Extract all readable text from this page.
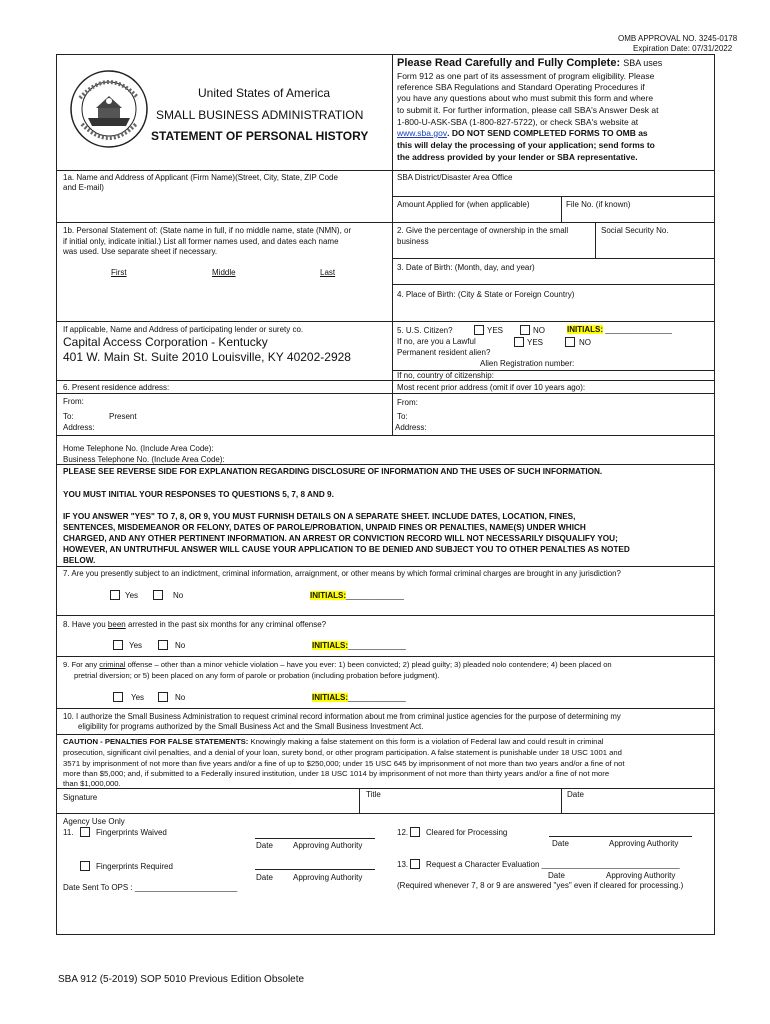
OMB APPROVAL NO. 3245-0178
Expiration Date: 07/31/2022
United States of America
SMALL BUSINESS ADMINISTRATION
STATEMENT OF PERSONAL HISTORY
Please Read Carefully and Fully Complete: SBA uses
Form 912 as one part of its assessment of program eligibility. Please
reference SBA Regulations and Standard Operating Procedures if
you have any questions about who must submit this form and where
to submit it. For further information, please call SBA's Answer Desk at
1-800-U-ASK-SBA (1-800-827-5722), or check SBA's website at
www.sba.gov. DO NOT SEND COMPLETED FORMS TO OMB as
this will delay the processing of your application; send forms to
the address provided by your lender or SBA representative.
1a. Name and Address of Applicant (Firm Name)(Street, City, State, ZIP Code
and E-mail)
SBA District/Disaster Area Office
Amount Applied for (when applicable)	File No. (if known)
1b. Personal Statement of: (State name in full, if no middle name, state (NMN), or
if initial only, indicate initial.) List all former names used, and dates each name
was used. Use separate sheet if necessary.
First	Middle	Last
2. Give the percentage of ownership in the small
business
Social Security No.
3. Date of Birth: (Month, day, and year)
4. Place of Birth: (City & State or Foreign Country)
If applicable, Name and Address of participating lender or surety co.
Capital Access Corporation - Kentucky
401 W. Main St. Suite 2010 Louisville, KY 40202-2928
5. U.S. Citizen?	YES	NO	INITIALS: _______________
If no, are you a Lawful	YES	NO
Permanent resident alien?
Alien Registration number:
If no, country of citizenship:
6. Present residence address:	Most recent prior address (omit if over 10 years ago):
From:
To:	Present
Address:
From:
To:
Address:
Home Telephone No. (Include Area Code):
Business Telephone No. (Include Area Code):
PLEASE SEE REVERSE SIDE FOR EXPLANATION REGARDING DISCLOSURE OF INFORMATION AND THE USES OF SUCH INFORMATION.
YOU MUST INITIAL YOUR RESPONSES TO QUESTIONS 5, 7, 8 AND 9.
IF YOU ANSWER "YES" TO 7, 8, OR 9, YOU MUST FURNISH DETAILS ON A SEPARATE SHEET. INCLUDE DATES, LOCATION, FINES,
SENTENCES, MISDEMEANOR OR FELONY, DATES OF PAROLE/PROBATION, UNPAID FINES OR PENALTIES, NAME(S) UNDER WHICH
CHARGED, AND ANY OTHER PERTINENT INFORMATION. AN ARREST OR CONVICTION RECORD WILL NOT NECESSARILY DISQUALIFY YOU;
HOWEVER, AN UNTRUTHFUL ANSWER WILL CAUSE YOUR APPLICATION TO BE DENIED AND SUBJECT YOU TO OTHER PENALTIES AS NOTED
BELOW.
7. Are you presently subject to an indictment, criminal information, arraignment, or other means by which formal criminal charges are brought in any jurisdiction?
Yes	No	INITIALS:_____________
8. Have you been arrested in the past six months for any criminal offense?
Yes	No	INITIALS:_____________
9. For any criminal offense – other than a minor vehicle violation – have you ever: 1) been convicted; 2) plead guilty; 3) pleaded nolo contendere; 4) been placed on
pretrial diversion; or 5) been placed on any form of parole or probation (including probation before judgment).
Yes	No	INITIALS:_____________
10. I authorize the Small Business Administration to request criminal record information about me from criminal justice agencies for the purpose of determining my
eligibility for programs authorized by the Small Business Act and the Small Business Investment Act.
CAUTION - PENALTIES FOR FALSE STATEMENTS: Knowingly making a false statement on this form is a violation of Federal law and could result in criminal
prosecution, significant civil penalties, and a denial of your loan, surety bond, or other program participation. A false statement is punishable under 18 USC 1001 and
3571 by imprisonment of not more than five years and/or a fine of up to $250,000; under 15 USC 645 by imprisonment of not more than two years and/or a fine of not
more than $5,000; and, if submitted to a Federally insured institution, under 18 USC 1014 by imprisonment of not more than thirty years and/or a fine of not more
than $1,000,000.
Signature	Title	Date
Agency Use Only
11.	Fingerprints Waived
Date	Approving Authority
Fingerprints Required
Date	Approving Authority
Date Sent To OPS : _______________________
12. Cleared for Processing
Date	Approving Authority
13. Request a Character Evaluation _______________________________
Date	Approving Authority
(Required whenever 7, 8 or 9 are answered "yes" even if cleared for processing.)
SBA 912 (5-2019) SOP 5010 Previous Edition Obsolete
